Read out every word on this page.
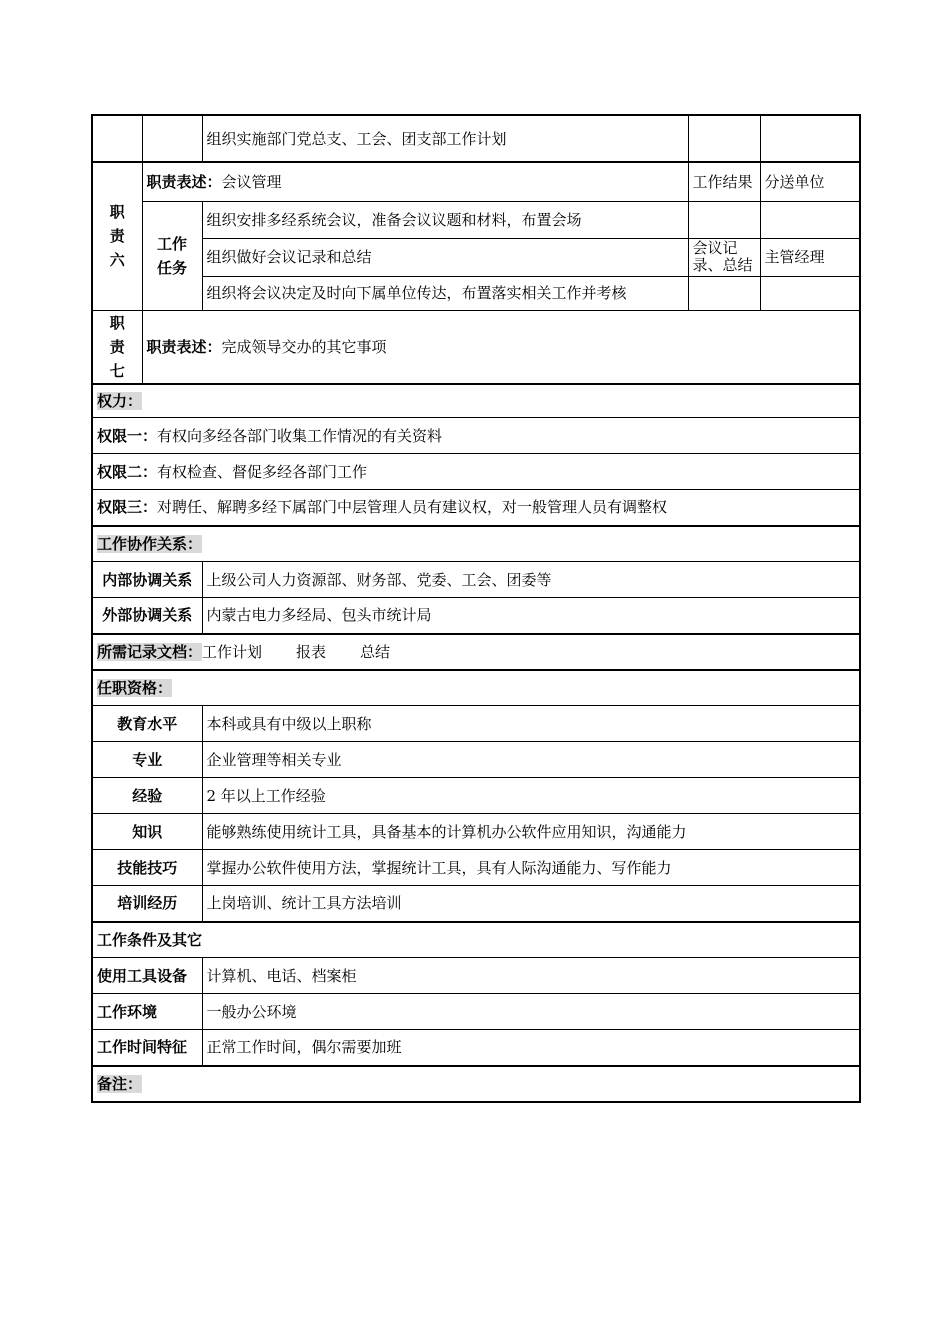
		组织实施部门党总支、工会、团支部工作计划		

职
责
六	职责表述：会议管理		工作结果	分送单位

	工作
任务	组织安排多经系统会议，准备会议议题和材料，布置会场		
		组织做好会议记录和总结	会议记
录、总结	主管经理
		组织将会议决定及时向下属单位传达，布置落实相关工作并考核		

职
责
七	职责表述：完成领导交办的其它事项			
权力：				
权限一：有权向多经各部门收集工作情况的有关资料				
权限二：有权检查、督促多经各部门工作				
权限三：对聘任、解聘多经下属部门中层管理人员有建议权，对一般管理人员有调整权				
工作协作关系：				
内部协调关系		上级公司人力资源部、财务部、党委、工会、团委等		
外部协调关系		内蒙古电力多经局、包头市统计局		
所需记录文档：工作计划 报表 总结				
任职资格：				
教育水平		本科或具有中级以上职称		
专业		企业管理等相关专业		
经验		2 年以上工作经验		
知识		能够熟练使用统计工具，具备基本的计算机办公软件应用知识，沟通能力		
技能技巧		掌握办公软件使用方法，掌握统计工具，具有人际沟通能力、写作能力		
培训经历		上岗培训、统计工具方法培训		
工作条件及其它				
使用工具设备		计算机、电话、档案柜		
工作环境		一般办公环境		
工作时间特征		正常工作时间，偶尔需要加班		
备注：				
